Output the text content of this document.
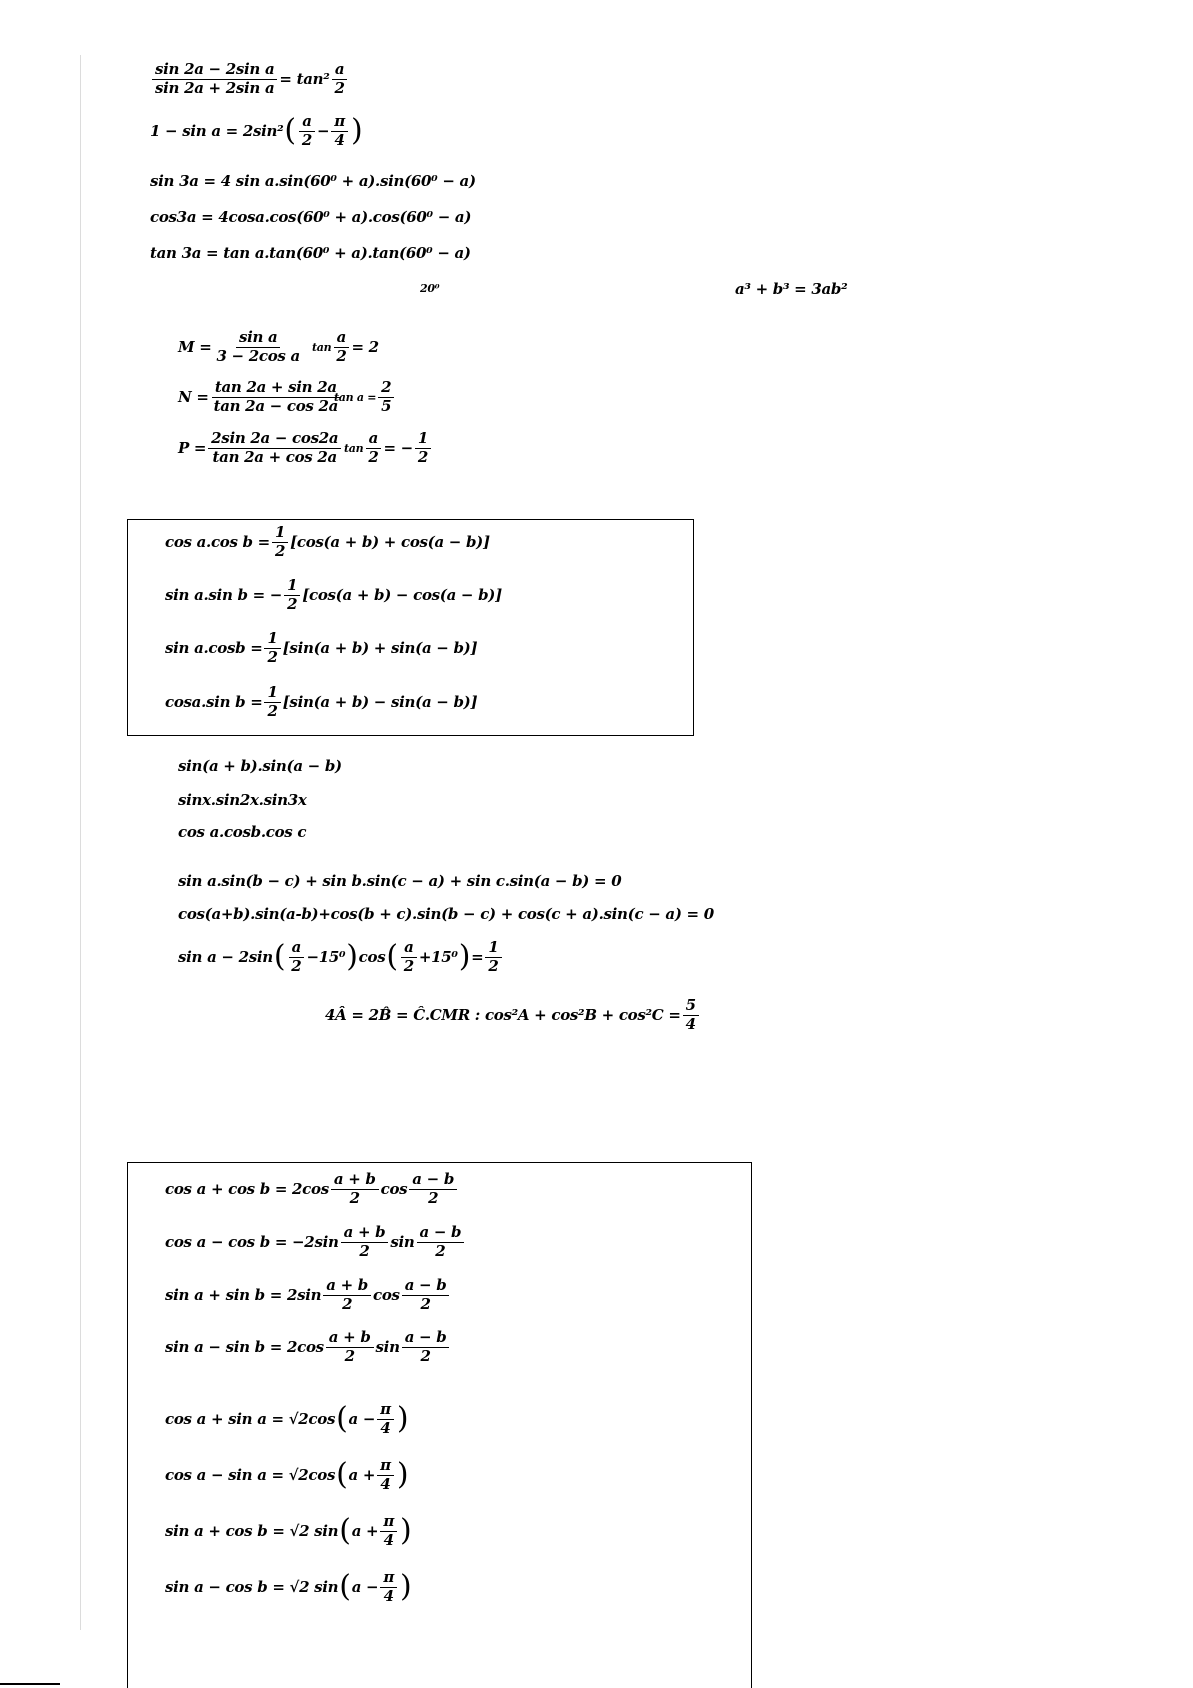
$\frac{\text{sin 2a − 2sin a}}{\text{sin 2a + 2sin a}} = \tan^2 \frac{a}{2}$
1 − sin a = 2sin² ( $\frac{a}{2} - \frac{\pi}{4}$ )
sin 3a = 4 sin a.sin(60⁰ + a).sin(60⁰ − a)
cos3a = 4cosa.cos(60⁰ + a).cos(60⁰ − a)
tan 3a = tan a.tan(60⁰ + a).tan(60⁰ − a)
20⁰	a³ + b³ = 3ab²
$M = \frac{\text{sin a}}{\text{3 − 2cos a}}$ $\tan \frac{a}{2} = 2$
$N = \frac{\tan 2a + \sin 2a}{\tan 2a - \cos 2a}$
$\tan a = \frac{2}{5}$
$P = \frac{2\sin 2a - \cos 2a}{\tan 2a + \cos 2a}$ $\tan \frac{a}{2}$ = − $\frac{1}{2}$
cos a.cos $b = \frac{1}{2} [\cos(a + b) + \cos(a - b)]$
sin a.sin b = − $\frac{1}{2} [\cos(a + b) - \cos(a - b)]$
$\sin a.\cos b = \frac{1}{2} [\sin(a + b) + \sin(a - b)]$
cosa.sin $b = \frac{1}{2} [\sin(a + b) - \sin(a - b)]$
sin(a + b).sin(a − b)
sinx.sin2x.sin3x
cos a.cosb.cos c
sin a.sin(b − c) + sin b.sin(c − a) + sin c.sin(a − b) = 0
cos(a+b).sin(a-b)+cos(b + c).sin(b − c) + cos(c + a).sin(c − a) = 0
sin a − 2sin ( $\frac{a}{2} -15^0$ ) cos ( $\frac{a}{2} +15^0$ ) = $\frac{1}{2}$
4Â = 2B̂ = Ĉ.CMR : $\cos^2A + \cos^2B + \cos^2C = \frac{5}{4}$
$\cos a + \cos b = 2\cos \frac{a + b}{2}$ $\cos \frac{a - b}{2}$
$\cos a - \cos b = -2\sin \frac{a + b}{2}$ $\sin \frac{a - b}{2}$
$\sin a + \sin b = 2\sin \frac{a + b}{2}$ $\cos \frac{a - b}{2}$
$\sin a - \sin b = 2\cos \frac{a + b}{2}$ $\sin \frac{a - b}{2}$
cos a + sin a = √2cos ( $a - \frac{\pi}{4}$ )
cos a − sin a = √2cos ( $a + \frac{\pi}{4}$ )
sin a + cos b = √2 sin ( $a + \frac{\pi}{4}$ )
sin a − cos b = √2 sin ( $a - \frac{\pi}{4}$ )
